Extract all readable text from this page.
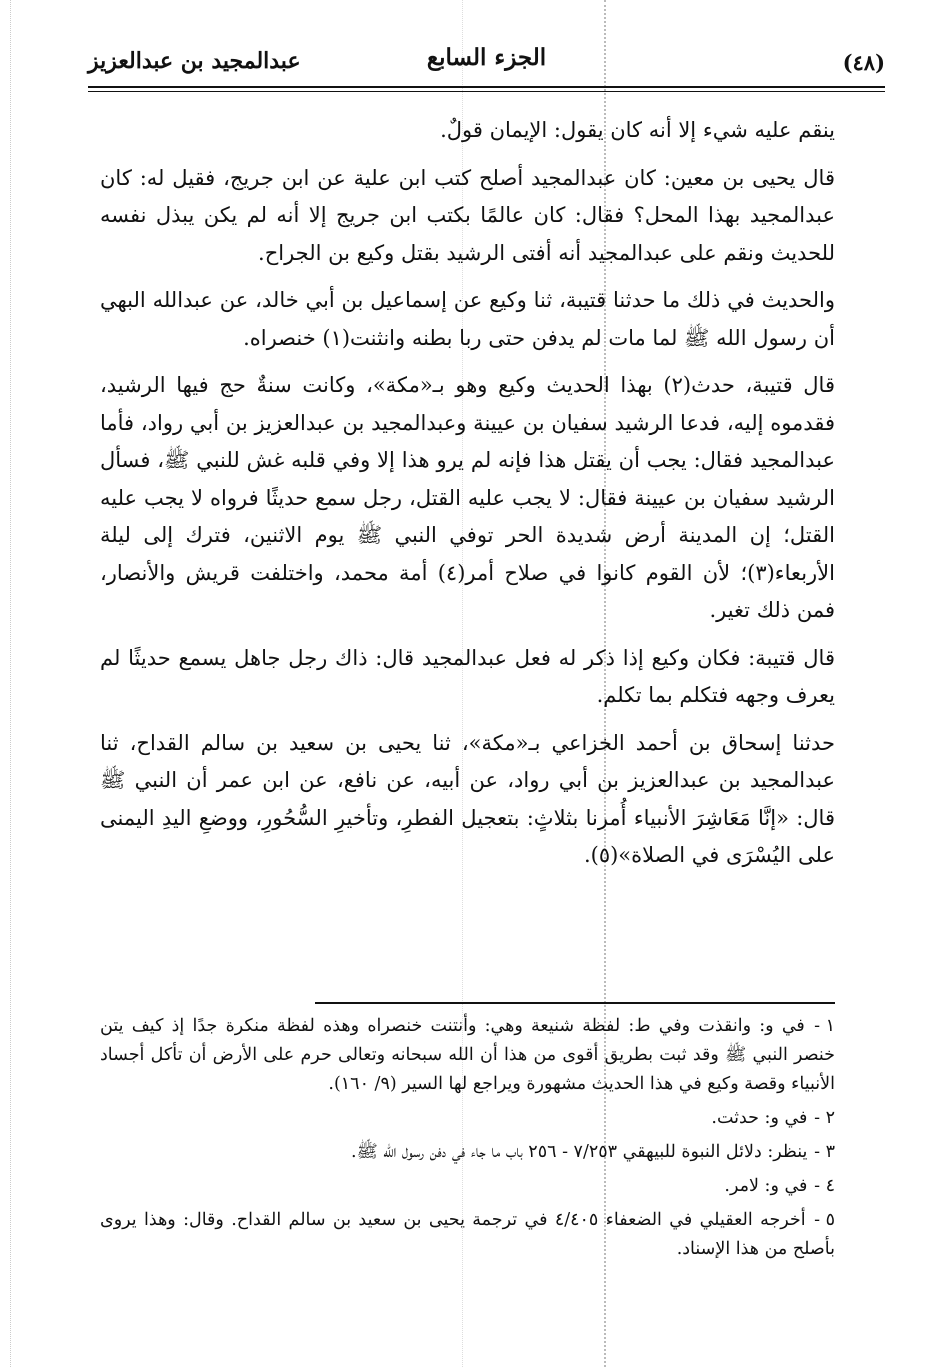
(٤٨)
الجزء السابع
عبدالمجيد بن عبدالعزيز

ينقم عليه شيء إلا أنه كان يقول: الإيمان قولٌ.

قال يحيى بن معين: كان عبدالمجيد أصلح كتب ابن علية عن ابن جريج، فقيل له: كان عبدالمجيد بهذا المحل؟ فقال: كان عالمًا بكتب ابن جريج إلا أنه لم يكن يبذل نفسه للحديث ونقم على عبدالمجيد أنه أفتى الرشيد بقتل وكيع بن الجراح.

والحديث في ذلك ما حدثنا قتيبة، ثنا وكيع عن إسماعيل بن أبي خالد، عن عبدالله البهي أن رسول الله ﷺ لما مات لم يدفن حتى ربا بطنه وانثنت(١) خنصراه.

قال قتيبة، حدث(٢) بهذا الحديث وكيع وهو بـ«مكة»، وكانت سنةٌ حج فيها الرشيد، فقدموه إليه، فدعا الرشيد سفيان بن عيينة وعبدالمجيد بن عبدالعزيز بن أبي رواد، فأما عبدالمجيد فقال: يجب أن يقتل هذا فإنه لم يرو هذا إلا وفي قلبه غش للنبي ﷺ، فسأل الرشيد سفيان بن عيينة فقال: لا يجب عليه القتل، رجل سمع حديثًا فرواه لا يجب عليه القتل؛ إن المدينة أرض شديدة الحر توفي النبي ﷺ يوم الاثنين، فترك إلى ليلة الأربعاء(٣)؛ لأن القوم كانوا في صلاح أمر(٤) أمة محمد، واختلفت قريش والأنصار، فمن ذلك تغير.

قال قتيبة: فكان وكيع إذا ذكر له فعل عبدالمجيد قال: ذاك رجل جاهل يسمع حديثًا لم يعرف وجهه فتكلم بما تكلم.

حدثنا إسحاق بن أحمد الخزاعي بـ«مكة»، ثنا يحيى بن سعيد بن سالم القداح، ثنا عبدالمجيد بن عبدالعزيز بن أبي رواد، عن أبيه، عن نافع، عن ابن عمر أن النبي ﷺ قال: «إنَّا مَعَاشِرَ الأنبياء أُمرنا بثلاثٍ: بتعجيل الفطرِ، وتأخيرِ السُّحُورِ، ووضعِ اليدِ اليمنى على اليُسْرَى في الصلاة»(٥).

١ - في و: وانقذت وفي ط: لفظة شنيعة وهي: وأنتنت خنصراه وهذه لفظة منكرة جدًا إذ كيف يتن خنصر النبي ﷺ وقد ثبت بطريق أقوى من هذا أن الله سبحانه وتعالى حرم على الأرض أن تأكل أجساد الأنبياء وقصة وكيع في هذا الحديث مشهورة ويراجع لها السير (٩/ ١٦٠).

٢ - في و: حدثت.

٣ - ينظر: دلائل النبوة للبيهقي ٧/٢٥٣ - ٢٥٦ باب ما جاء في دفن رسول الله ﷺ.

٤ - في و: لامر.

٥ - أخرجه العقيلي في الضعفاء ٤/٤٠٥ في ترجمة يحيى بن سعيد بن سالم القداح. وقال: وهذا يروى بأصلح من هذا الإسناد.
